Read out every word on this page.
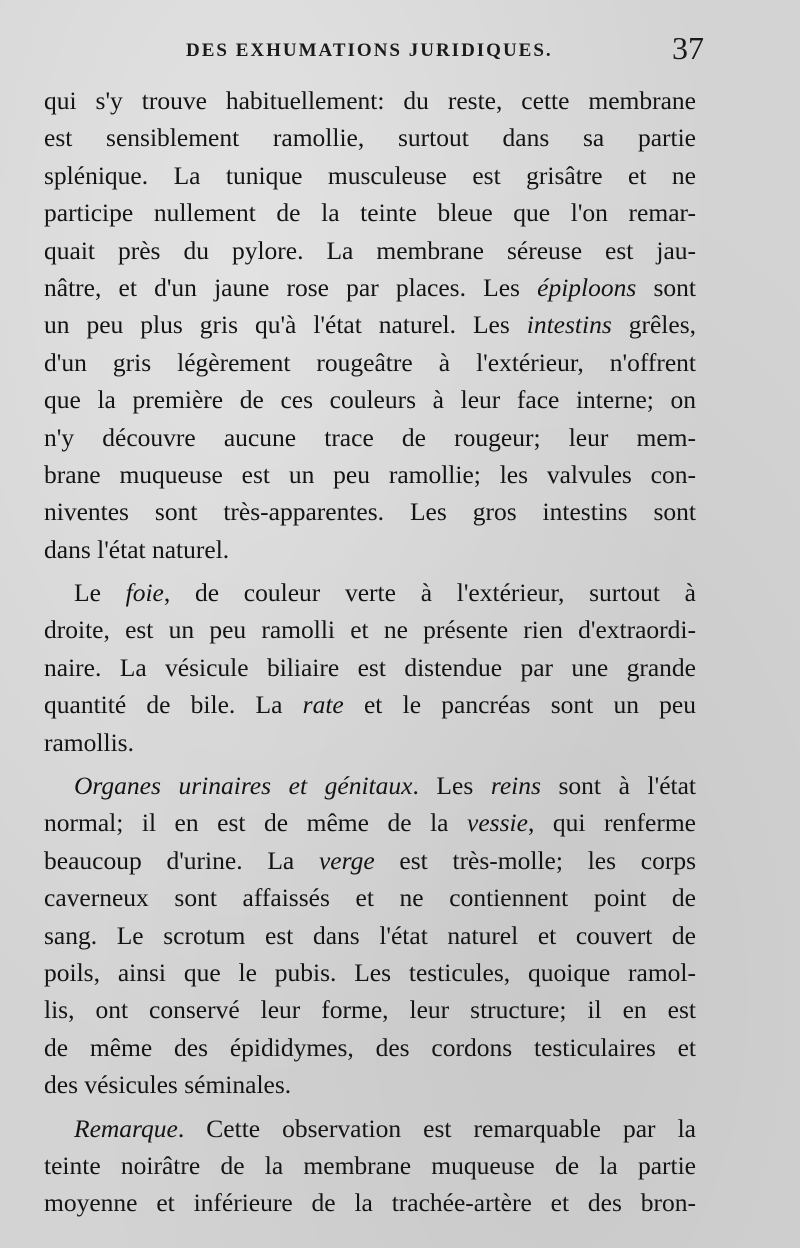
DES EXHUMATIONS JURIDIQUES.	37
qui s'y trouve habituellement: du reste, cette membrane
est sensiblement ramollie, surtout dans sa partie
splénique. La tunique musculeuse est grisâtre et ne
participe nullement de la teinte bleue que l'on remar-
quait près du pylore. La membrane séreuse est jau-
nâtre, et d'un jaune rose par places. Les épiploons sont
un peu plus gris qu'à l'état naturel. Les intestins grêles,
d'un gris légèrement rougeâtre à l'extérieur, n'offrent
que la première de ces couleurs à leur face interne; on
n'y découvre aucune trace de rougeur; leur mem-
brane muqueuse est un peu ramollie; les valvules con-
niventes sont très-apparentes. Les gros intestins sont
dans l'état naturel.
Le foie, de couleur verte à l'extérieur, surtout à
droite, est un peu ramolli et ne présente rien d'extraordi-
naire. La vésicule biliaire est distendue par une grande
quantité de bile. La rate et le pancréas sont un peu
ramollis.
Organes urinaires et génitaux. Les reins sont à l'état
normal; il en est de même de la vessie, qui renferme
beaucoup d'urine. La verge est très-molle; les corps
caverneux sont affaissés et ne contiennent point de
sang. Le scrotum est dans l'état naturel et couvert de
poils, ainsi que le pubis. Les testicules, quoique ramol-
lis, ont conservé leur forme, leur structure; il en est
de même des épididymes, des cordons testiculaires et
des vésicules séminales.
Remarque. Cette observation est remarquable par la
teinte noirâtre de la membrane muqueuse de la partie
moyenne et inférieure de la trachée-artère et des bron-
